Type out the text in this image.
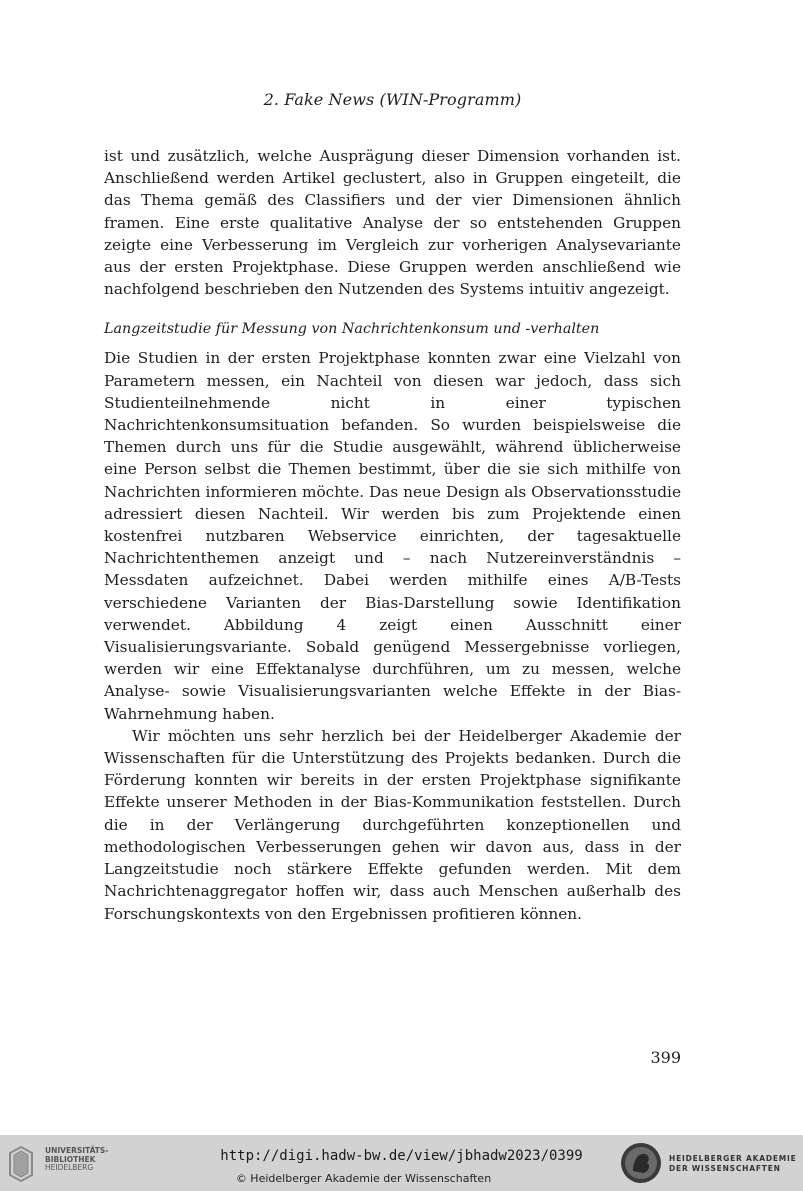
2. Fake News (WIN-Programm)

ist und zusätzlich, welche Ausprägung dieser Dimension vorhanden ist. Anschließend werden Artikel geclustert, also in Gruppen eingeteilt, die das Thema gemäß des Classifiers und der vier Dimensionen ähnlich framen. Eine erste qualitative Analyse der so entstehenden Gruppen zeigte eine Verbesserung im Vergleich zur vorherigen Analysevariante aus der ersten Projektphase. Diese Gruppen werden anschließend wie nachfolgend beschrieben den Nutzenden des Systems intuitiv angezeigt.

Langzeitstudie für Messung von Nachrichtenkonsum und -verhalten

Die Studien in der ersten Projektphase konnten zwar eine Vielzahl von Parametern messen, ein Nachteil von diesen war jedoch, dass sich Studienteilnehmende nicht in einer typischen Nachrichtenkonsumsituation befanden. So wurden beispielsweise die Themen durch uns für die Studie ausgewählt, während üblicherweise eine Person selbst die Themen bestimmt, über die sie sich mithilfe von Nachrichten informieren möchte. Das neue Design als Observationsstudie adressiert diesen Nachteil. Wir werden bis zum Projektende einen kostenfrei nutzbaren Webservice einrichten, der tagesaktuelle Nachrichtenthemen anzeigt und – nach Nutzereinverständnis – Messdaten aufzeichnet. Dabei werden mithilfe eines A/B-Tests verschiedene Varianten der Bias-Darstellung sowie Identifikation verwendet. Abbildung 4 zeigt einen Ausschnitt einer Visualisierungsvariante. Sobald genügend Messergebnisse vorliegen, werden wir eine Effektanalyse durchführen, um zu messen, welche Analyse- sowie Visualisierungsvarianten welche Effekte in der Bias-Wahrnehmung haben.

Wir möchten uns sehr herzlich bei der Heidelberger Akademie der Wissenschaften für die Unterstützung des Projekts bedanken. Durch die Förderung konnten wir bereits in der ersten Projektphase signifikante Effekte unserer Methoden in der Bias-Kommunikation feststellen. Durch die in der Verlängerung durchgeführten konzeptionellen und methodologischen Verbesserungen gehen wir davon aus, dass in der Langzeitstudie noch stärkere Effekte gefunden werden. Mit dem Nachrichtenaggregator hoffen wir, dass auch Menschen außerhalb des Forschungskontexts von den Ergebnissen profitieren können.

399
UNIVERSITÄTS-
BIBLIOTHEK
HEIDELBERG
http://digi.hadw-bw.de/view/jbhadw2023/0399
© Heidelberger Akademie der Wissenschaften
HEIDELBERGER AKADEMIE
DER WISSENSCHAFTEN
